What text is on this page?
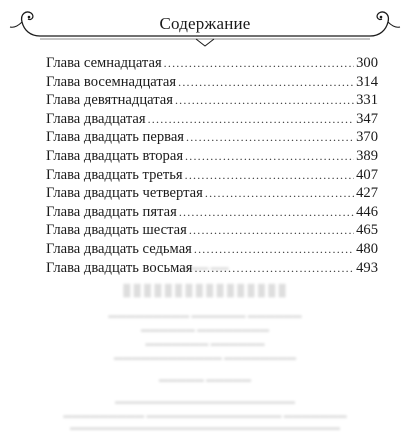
Содержание
Глава семнадцатая .....	300
Глава восемнадцатая .....	314
Глава девятнадцатая .....	331
Глава двадцатая .....	347
Глава двадцать первая .....	370
Глава двадцать вторая .....	389
Глава двадцать третья .....	407
Глава двадцать четвертая .....	427
Глава двадцать пятая .....	446
Глава двадцать шестая .....	465
Глава двадцать седьмая .....	480
Глава двадцать восьмая .....	493
▬▬▬ ▬▬
▮▮▮▮▮▮▮▮▮▮▮▮▮▮▮▮
▬▬▬▬▬▬▬▬▬ ▬▬▬▬▬▬ ▬▬▬▬▬▬
▬▬▬▬▬▬ ▬▬▬▬▬▬▬▬
▬▬▬▬▬▬▬ ▬▬▬▬▬▬
▬▬▬▬▬▬▬▬▬▬▬▬ ▬▬▬▬▬▬▬▬
▬▬▬▬▬ ▬▬▬▬▬
▬▬▬▬▬▬▬▬▬▬▬▬▬▬▬▬▬▬▬▬
▬▬▬▬▬▬▬▬▬ ▬▬▬▬▬▬▬▬▬▬▬▬▬▬▬ ▬▬▬▬▬▬▬
▬▬▬▬▬▬▬▬▬▬▬▬▬▬▬▬▬▬▬▬▬▬▬▬▬▬▬▬▬▬
